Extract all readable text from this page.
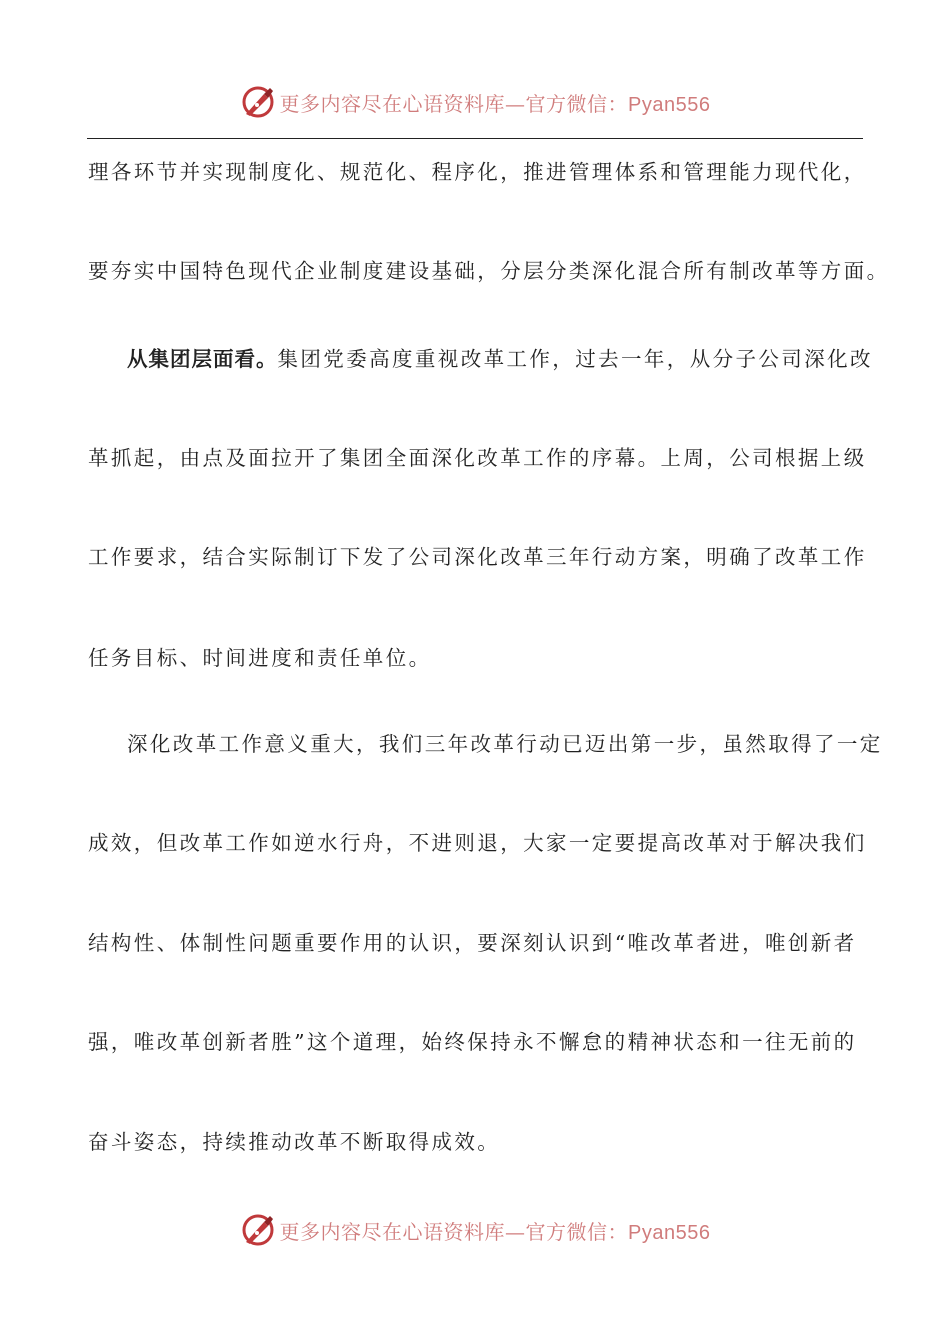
更多内容尽在心语资料库—官方微信：Pyan556
理各环节并实现制度化、规范化、程序化，推进管理体系和管理能力现代化，
要夯实中国特色现代企业制度建设基础，分层分类深化混合所有制改革等方面。
从集团层面看。集团党委高度重视改革工作，过去一年，从分子公司深化改
革抓起，由点及面拉开了集团全面深化改革工作的序幕。上周，公司根据上级
工作要求，结合实际制订下发了公司深化改革三年行动方案，明确了改革工作
任务目标、时间进度和责任单位。
深化改革工作意义重大，我们三年改革行动已迈出第一步，虽然取得了一定
成效，但改革工作如逆水行舟，不进则退，大家一定要提高改革对于解决我们
结构性、体制性问题重要作用的认识，要深刻认识到“唯改革者进，唯创新者
强，唯改革创新者胜”这个道理，始终保持永不懈怠的精神状态和一往无前的
奋斗姿态，持续推动改革不断取得成效。
更多内容尽在心语资料库—官方微信：Pyan556
